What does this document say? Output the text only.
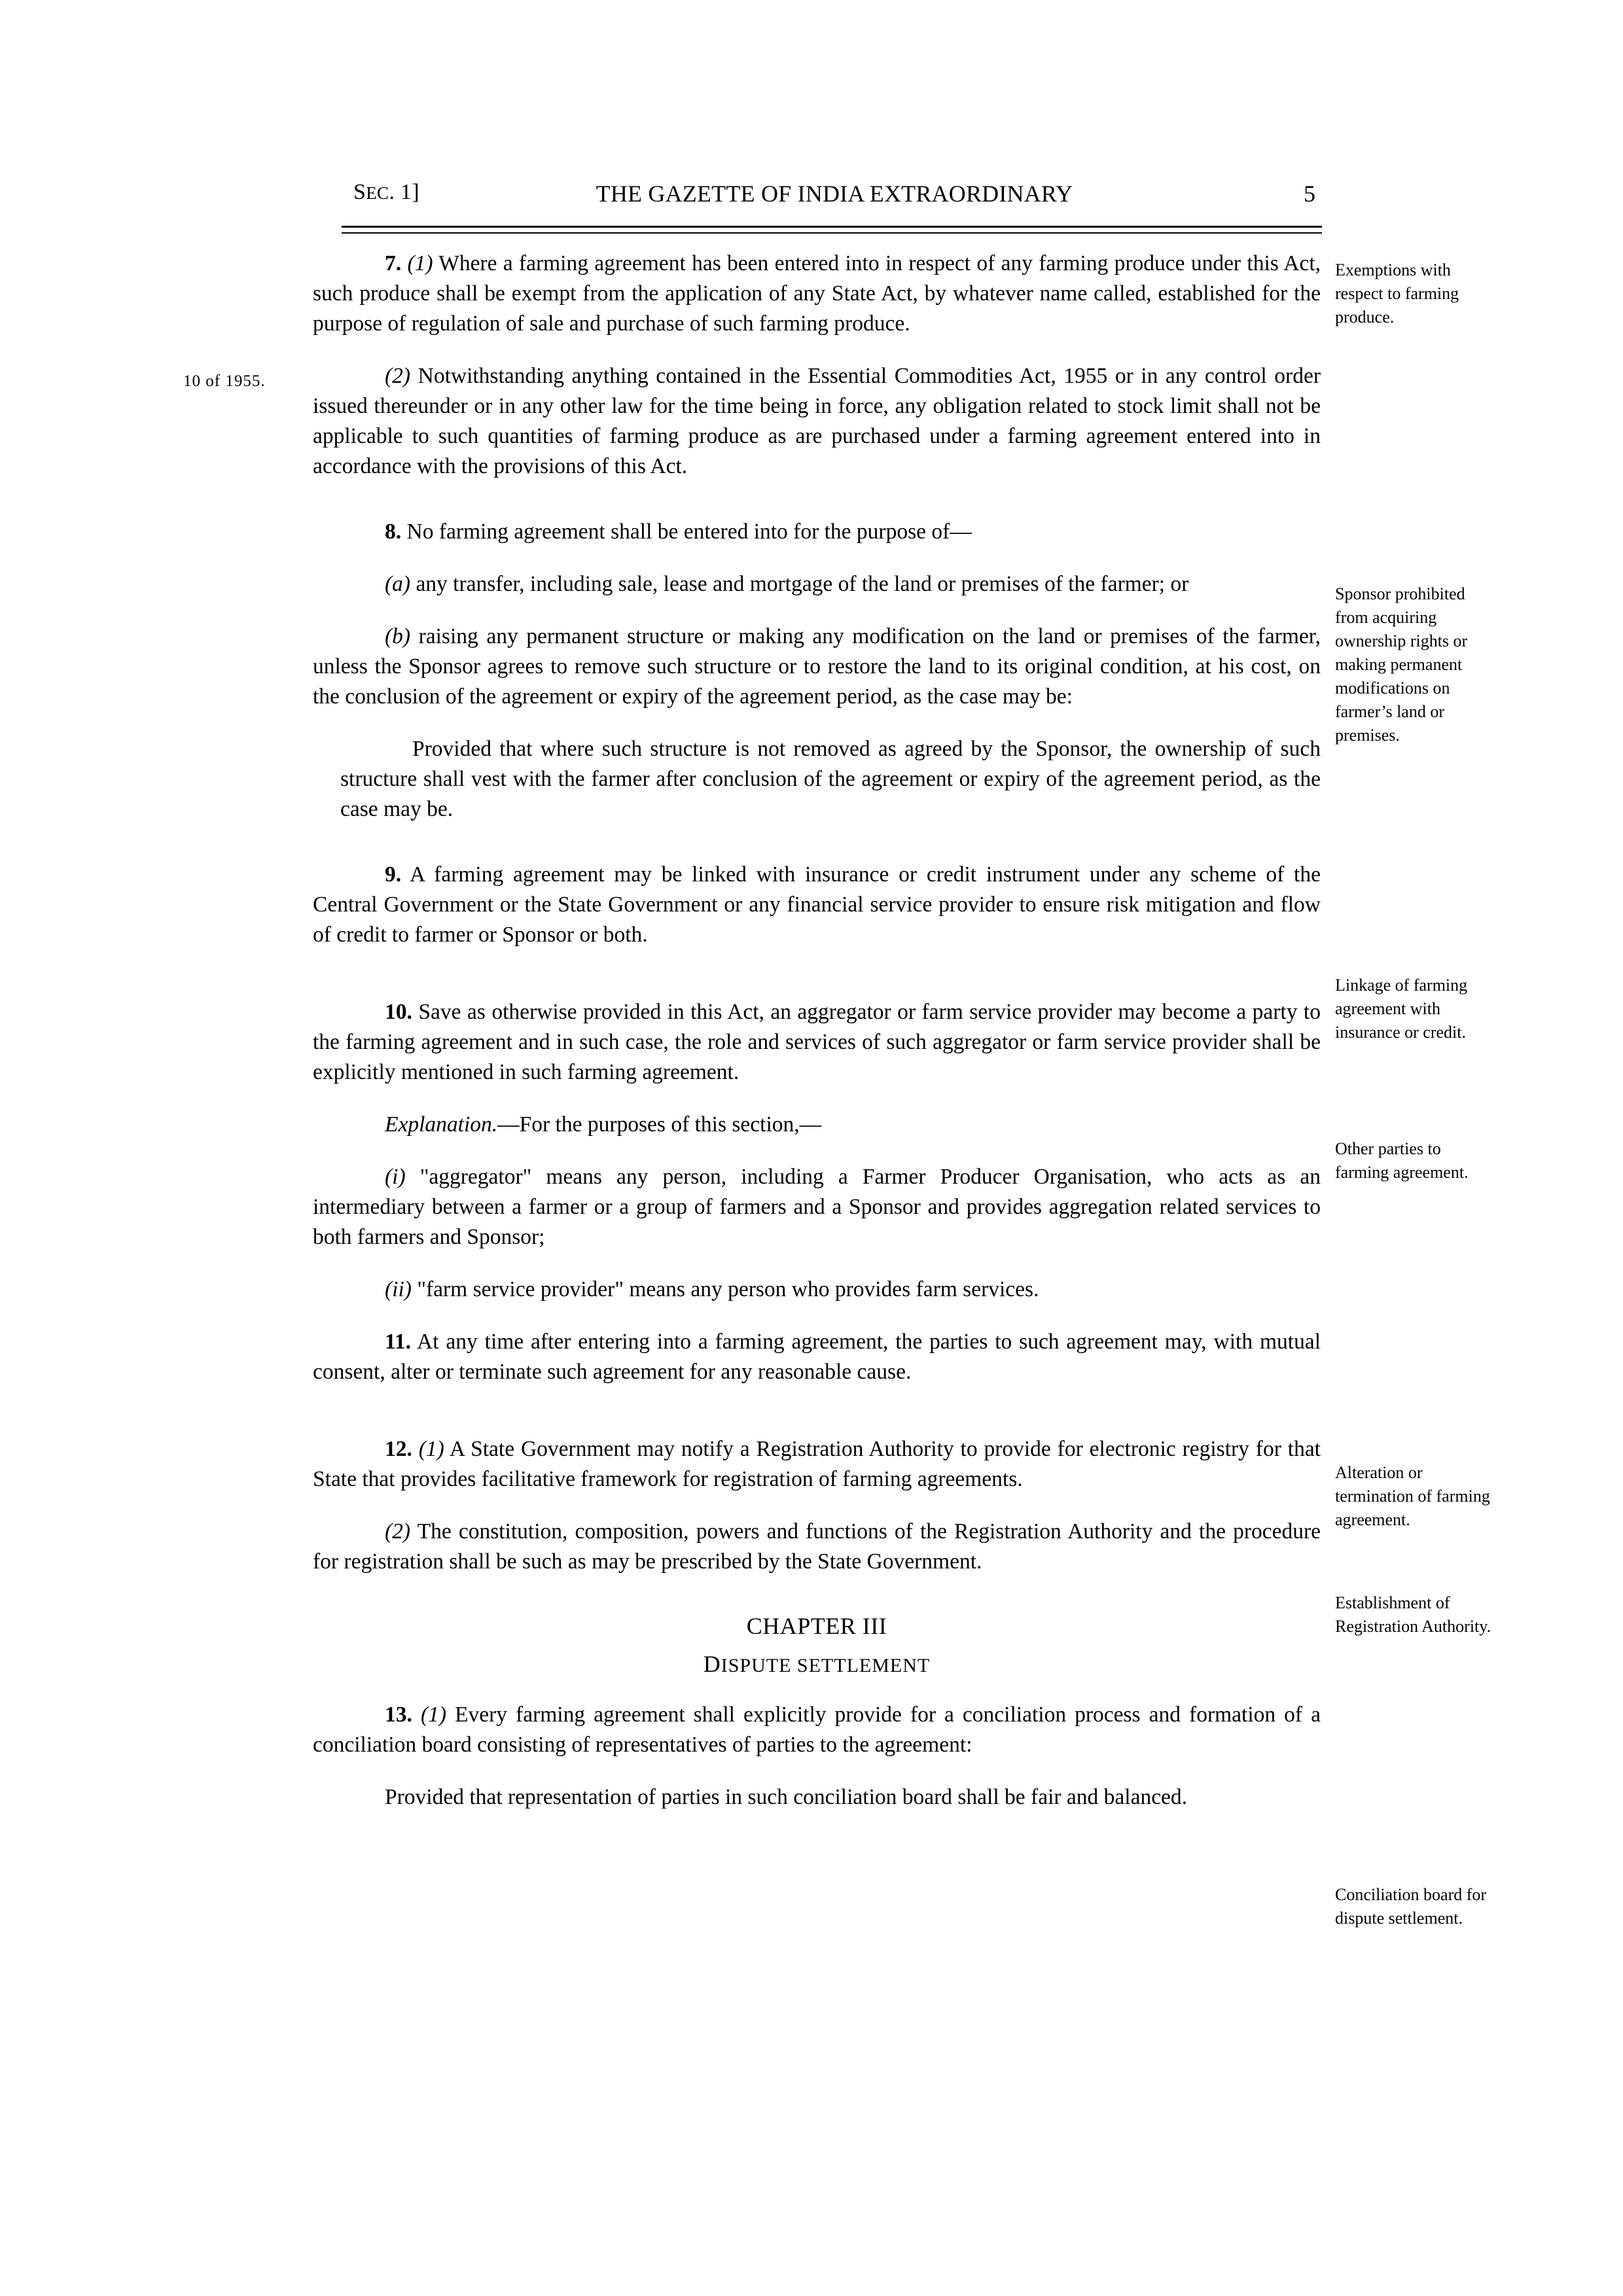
SEC. 1]	THE GAZETTE OF INDIA EXTRAORDINARY	5
10 of 1955.
Exemptions with respect to farming produce.
Sponsor prohibited from acquiring ownership rights or making permanent modifications on farmer’s land or premises.
Linkage of farming agreement with insurance or credit.
Other parties to farming agreement.
Alteration or termination of farming agreement.
Establishment of Registration Authority.
Conciliation board for dispute settlement.

7. (1) Where a farming agreement has been entered into in respect of any farming produce under this Act, such produce shall be exempt from the application of any State Act, by whatever name called, established for the purpose of regulation of sale and purchase of such farming produce.

(2) Notwithstanding anything contained in the Essential Commodities Act, 1955 or in any control order issued thereunder or in any other law for the time being in force, any obligation related to stock limit shall not be applicable to such quantities of farming produce as are purchased under a farming agreement entered into in accordance with the provisions of this Act.

8. No farming agreement shall be entered into for the purpose of—

(a) any transfer, including sale, lease and mortgage of the land or premises of the farmer; or

(b) raising any permanent structure or making any modification on the land or premises of the farmer, unless the Sponsor agrees to remove such structure or to restore the land to its original condition, at his cost, on the conclusion of the agreement or expiry of the agreement period, as the case may be:

Provided that where such structure is not removed as agreed by the Sponsor, the ownership of such structure shall vest with the farmer after conclusion of the agreement or expiry of the agreement period, as the case may be.

9. A farming agreement may be linked with insurance or credit instrument under any scheme of the Central Government or the State Government or any financial service provider to ensure risk mitigation and flow of credit to farmer or Sponsor or both.

10. Save as otherwise provided in this Act, an aggregator or farm service provider may become a party to the farming agreement and in such case, the role and services of such aggregator or farm service provider shall be explicitly mentioned in such farming agreement.

Explanation.—For the purposes of this section,—

(i) "aggregator" means any person, including a Farmer Producer Organisation, who acts as an intermediary between a farmer or a group of farmers and a Sponsor and provides aggregation related services to both farmers and Sponsor;

(ii) "farm service provider" means any person who provides farm services.

11. At any time after entering into a farming agreement, the parties to such agreement may, with mutual consent, alter or terminate such agreement for any reasonable cause.

12. (1) A State Government may notify a Registration Authority to provide for electronic registry for that State that provides facilitative framework for registration of farming agreements.

(2) The constitution, composition, powers and functions of the Registration Authority and the procedure for registration shall be such as may be prescribed by the State Government.

CHAPTER III
DISPUTE SETTLEMENT

13. (1) Every farming agreement shall explicitly provide for a conciliation process and formation of a conciliation board consisting of representatives of parties to the agreement:

Provided that representation of parties in such conciliation board shall be fair and balanced.
